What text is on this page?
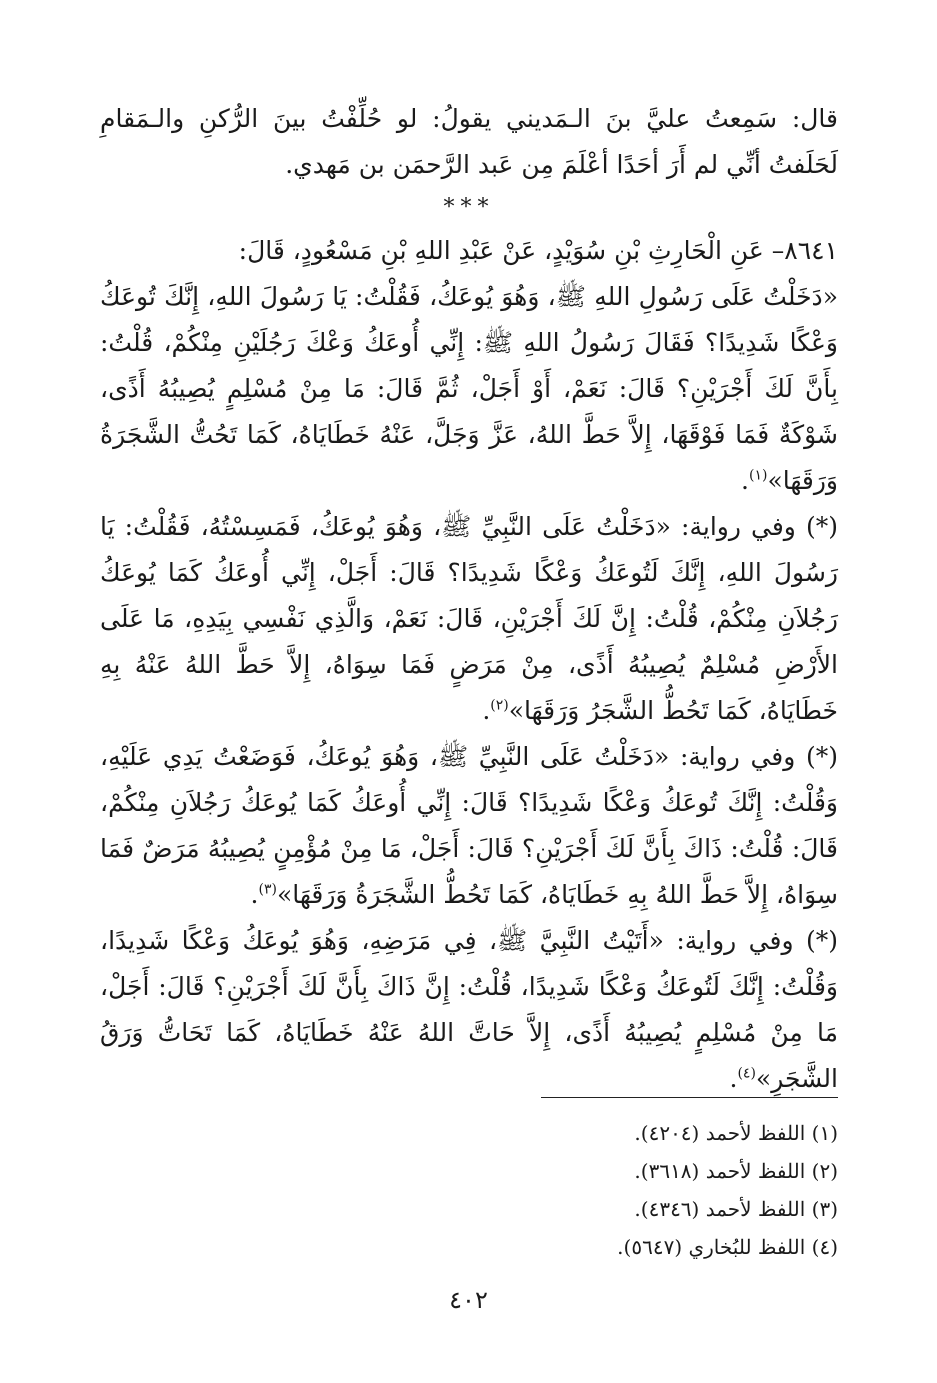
قال: سَمِعتُ عليَّ بنَ الـمَديني يقولُ: لو حُلِّفْتُ بينَ الرُّكنِ والـمَقامِ لَحَلَفتُ أنِّي لم أَرَ أحَدًا أعْلَمَ مِن عَبد الرَّحمَن بن مَهدي.

***

٨٦٤١– عَنِ الْحَارِثِ بْنِ سُوَيْدٍ، عَنْ عَبْدِ اللهِ بْنِ مَسْعُودٍ، قَالَ:

«دَخَلْتُ عَلَى رَسُولِ اللهِ ﷺ، وَهُوَ يُوعَكُ، فَقُلْتُ: يَا رَسُولَ اللهِ، إِنَّكَ تُوعَكُ وَعْكًا شَدِيدًا؟ فَقَالَ رَسُولُ اللهِ ﷺ: إِنِّي أُوعَكُ وَعْكَ رَجُلَيْنِ مِنْكُمْ، قُلْتُ: بِأَنَّ لَكَ أَجْرَيْنِ؟ قَالَ: نَعَمْ، أَوْ أَجَلْ، ثُمَّ قَالَ: مَا مِنْ مُسْلِمٍ يُصِيبُهُ أَذًى، شَوْكَةٌ فَمَا فَوْقَهَا، إِلاَّ حَطَّ اللهُ، عَزَّ وَجَلَّ، عَنْهُ خَطَايَاهُ، كَمَا تَحُتُّ الشَّجَرَةُ وَرَقَهَا»$^{(١)}$.

(*) وفي رواية: «دَخَلْتُ عَلَى النَّبِيِّ ﷺ، وَهُوَ يُوعَكُ، فَمَسِسْتُهُ، فَقُلْتُ: يَا رَسُولَ اللهِ، إِنَّكَ لَتُوعَكُ وَعْكًا شَدِيدًا؟ قَالَ: أَجَلْ، إِنِّي أُوعَكُ كَمَا يُوعَكُ رَجُلاَنِ مِنْكُمْ، قُلْتُ: إِنَّ لَكَ أَجْرَيْنِ، قَالَ: نَعَمْ، وَالَّذِي نَفْسِي بِيَدِهِ، مَا عَلَى الأَرْضِ مُسْلِمٌ يُصِيبُهُ أَذًى، مِنْ مَرَضٍ فَمَا سِوَاهُ، إِلاَّ حَطَّ اللهُ عَنْهُ بِهِ خَطَايَاهُ، كَمَا تَحُطُّ الشَّجَرُ وَرَقَهَا»$^{(٢)}$.

(*) وفي رواية: «دَخَلْتُ عَلَى النَّبِيِّ ﷺ، وَهُوَ يُوعَكُ، فَوَضَعْتُ يَدِي عَلَيْهِ، وَقُلْتُ: إِنَّكَ تُوعَكُ وَعْكًا شَدِيدًا؟ قَالَ: إِنِّي أُوعَكُ كَمَا يُوعَكُ رَجُلاَنِ مِنْكُمْ، قَالَ: قُلْتُ: ذَاكَ بِأَنَّ لَكَ أَجْرَيْنِ؟ قَالَ: أَجَلْ، مَا مِنْ مُؤْمِنٍ يُصِيبُهُ مَرَضٌ فَمَا سِوَاهُ، إِلاَّ حَطَّ اللهُ بِهِ خَطَايَاهُ، كَمَا تَحُطُّ الشَّجَرَةُ وَرَقَهَا»$^{(٣)}$.

(*) وفي رواية: «أَتَيْتُ النَّبِيَّ ﷺ، فِي مَرَضِهِ، وَهُوَ يُوعَكُ وَعْكًا شَدِيدًا، وَقُلْتُ: إِنَّكَ لَتُوعَكُ وَعْكًا شَدِيدًا، قُلْتُ: إِنَّ ذَاكَ بِأَنَّ لَكَ أَجْرَيْنِ؟ قَالَ: أَجَلْ، مَا مِنْ مُسْلِمٍ يُصِيبُهُ أَذًى، إِلاَّ حَاتَّ اللهُ عَنْهُ خَطَايَاهُ، كَمَا تَحَاتُّ وَرَقُ الشَّجَرِ»$^{(٤)}$.

(١) اللفظ لأحمد (٤٢٠٤).
(٢) اللفظ لأحمد (٣٦١٨).
(٣) اللفظ لأحمد (٤٣٤٦).
(٤) اللفظ للبُخاري (٥٦٤٧).
٤٠٢
